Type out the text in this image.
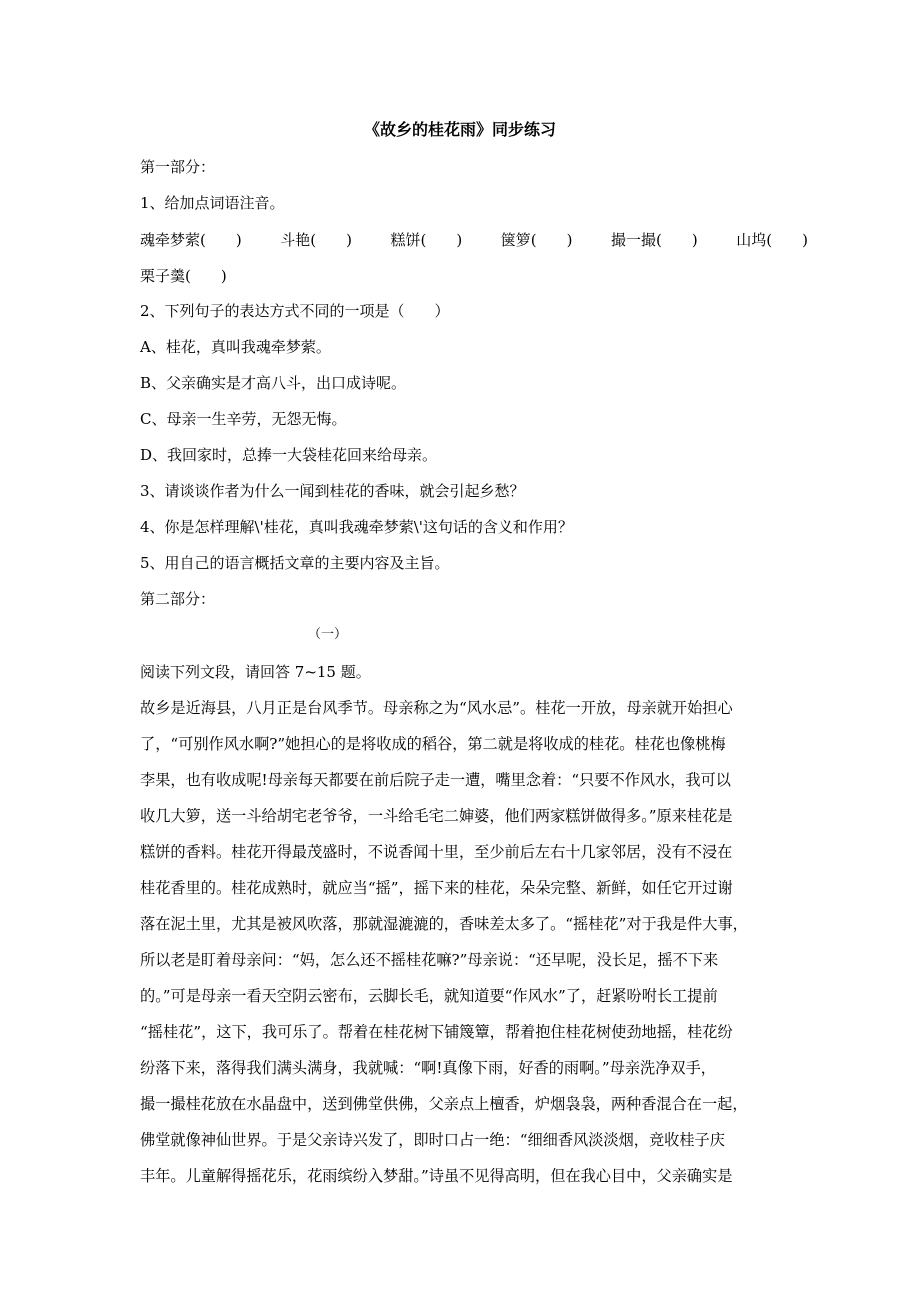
《故乡的桂花雨》同步练习
第一部分：
1、给加点词语注音。
魂牵梦萦(　　)	斗艳(　　)	糕饼(　　)	箧箩(　　)	撮一撮(　　)	山坞(　　)
栗子羹(　　)
2、下列句子的表达方式不同的一项是（　　）
A、桂花，真叫我魂牵梦萦。
B、父亲确实是才高八斗，出口成诗呢。
C、母亲一生辛劳，无怨无悔。
D、我回家时，总捧一大袋桂花回来给母亲。
3、请谈谈作者为什么一闻到桂花的香味，就会引起乡愁？
4、你是怎样理解\'桂花，真叫我魂牵梦萦\'这句话的含义和作用？
5、用自己的语言概括文章的主要内容及主旨。
第二部分：
（一）
阅读下列文段，请回答 7~15 题。
故乡是近海县，八月正是台风季节。母亲称之为“风水忌”。桂花一开放，母亲就开始担心
了，“可别作风水啊?”她担心的是将收成的稻谷，第二就是将收成的桂花。桂花也像桃梅
李果，也有收成呢!母亲每天都要在前后院子走一遭，嘴里念着：“只要不作风水，我可以
收几大箩，送一斗给胡宅老爷爷，一斗给毛宅二婶婆，他们两家糕饼做得多。”原来桂花是
糕饼的香料。桂花开得最茂盛时，不说香闻十里，至少前后左右十几家邻居，没有不浸在
桂花香里的。桂花成熟时，就应当“摇”，摇下来的桂花，朵朵完整、新鲜，如任它开过谢
落在泥土里，尤其是被风吹落，那就湿漉漉的，香味差太多了。“摇桂花”对于我是件大事，
所以老是盯着母亲问：“妈，怎么还不摇桂花嘛?”母亲说：“还早呢，没长足，摇不下来
的。”可是母亲一看天空阴云密布，云脚长毛，就知道要“作风水”了，赶紧吩咐长工提前
“摇桂花”，这下，我可乐了。帮着在桂花树下铺篾簟，帮着抱住桂花树使劲地摇，桂花纷
纷落下来，落得我们满头满身，我就喊：“啊!真像下雨，好香的雨啊。”母亲洗净双手，
撮一撮桂花放在水晶盘中，送到佛堂供佛，父亲点上檀香，炉烟袅袅，两种香混合在一起，
佛堂就像神仙世界。于是父亲诗兴发了，即时口占一绝：“细细香风淡淡烟，竞收桂子庆
丰年。儿童解得摇花乐，花雨缤纷入梦甜。”诗虽不见得高明，但在我心目中，父亲确实是
